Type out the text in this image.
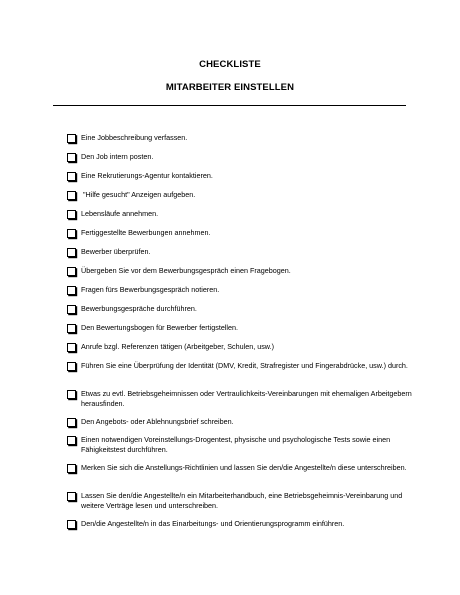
CHECKLISTE
MITARBEITER EINSTELLEN
Eine Jobbeschreibung verfassen.
Den Job intern posten.
Eine Rekrutierungs-Agentur kontaktieren.
"Hilfe gesucht" Anzeigen aufgeben.
Lebensläufe annehmen.
Fertiggestellte Bewerbungen annehmen.
Bewerber überprüfen.
Übergeben Sie vor dem Bewerbungsgespräch einen Fragebogen.
Fragen fürs Bewerbungsgespräch notieren.
Bewerbungsgespräche durchführen.
Den Bewertungsbogen für Bewerber fertigstellen.
Anrufe bzgl. Referenzen tätigen (Arbeitgeber, Schulen, usw.)
Führen Sie eine Überprüfung der Identität (DMV, Kredit, Strafregister und Fingerabdrücke, usw.) durch.
Etwas zu evtl. Betriebsgeheimnissen oder Vertraulichkeits-Vereinbarungen mit ehemaligen Arbeitgebern herausfinden.
Den Angebots- oder Ablehnungsbrief schreiben.
Einen notwendigen Voreinstellungs-Drogentest, physische und psychologische Tests sowie einen Fähigkeitstest durchführen.
Merken Sie sich die Anstellungs-Richtlinien und lassen Sie den/die Angestellte/n diese unterschreiben.
Lassen Sie den/die Angestellte/n ein Mitarbeiterhandbuch, eine Betriebsgeheimnis-Vereinbarung und weitere Verträge lesen und unterschreiben.
Den/die Angestellte/n in das Einarbeitungs- und Orientierungsprogramm einführen.
